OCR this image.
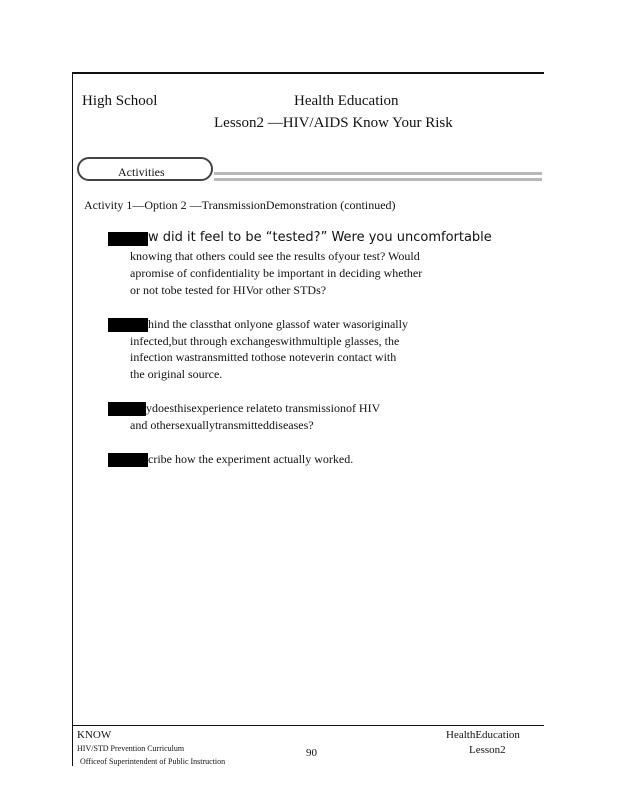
High School	Health Education
Lesson2 —HIV/AIDS Know Your Risk
Activities
Activity 1—Option 2 —TransmissionDemonstration (continued)
w did it feel to be “tested?” Were you uncomfortable
knowing that others could see the results ofyour test? Would
apromise of confidentiality be important in deciding whether
or not tobe tested for HIVor other STDs?
hind the classthat onlyone glassof water wasoriginally
infected,but through exchangeswithmultiple glasses, the
infection wastransmitted tothose noteverin contact with
the original source.
ydoesthisexperience relateto transmissionof HIV
and othersexuallytransmitteddiseases?
cribe how the experiment actually worked.
KNOW
HIV/STD Prevention Curriculum
Officeof Superintendent of Public Instruction
90
HealthEducation
Lesson2
